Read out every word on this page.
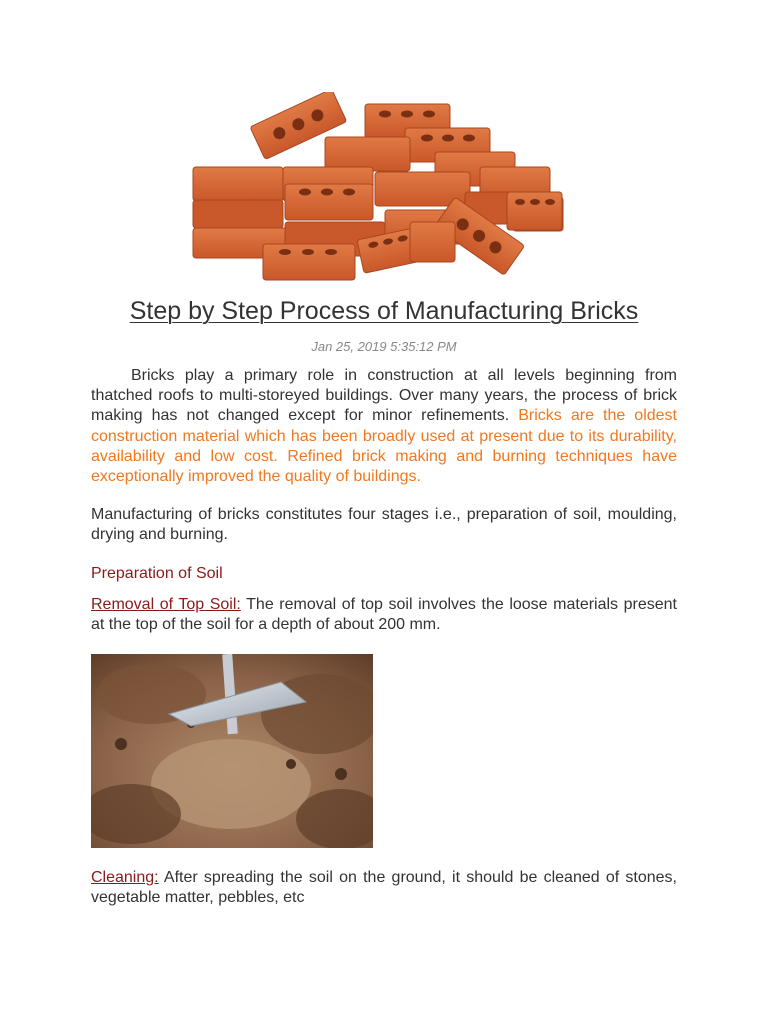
Step by Step Process of Manufacturing Bricks
Jan 25, 2019 5:35:12 PM

Bricks play a primary role in construction at all levels beginning from thatched roofs to multi-storeyed buildings. Over many years, the process of brick making has not changed except for minor refinements. Bricks are the oldest construction material which has been broadly used at present due to its durability, availability and low cost. Refined brick making and burning techniques have exceptionally improved the quality of buildings.

Manufacturing of bricks constitutes four stages i.e., preparation of soil, moulding, drying and burning.

Preparation of Soil

Removal of Top Soil: The removal of top soil involves the loose materials present at the top of the soil for a depth of about 200 mm.

Cleaning: After spreading the soil on the ground, it should be cleaned of stones, vegetable matter, pebbles, etc
